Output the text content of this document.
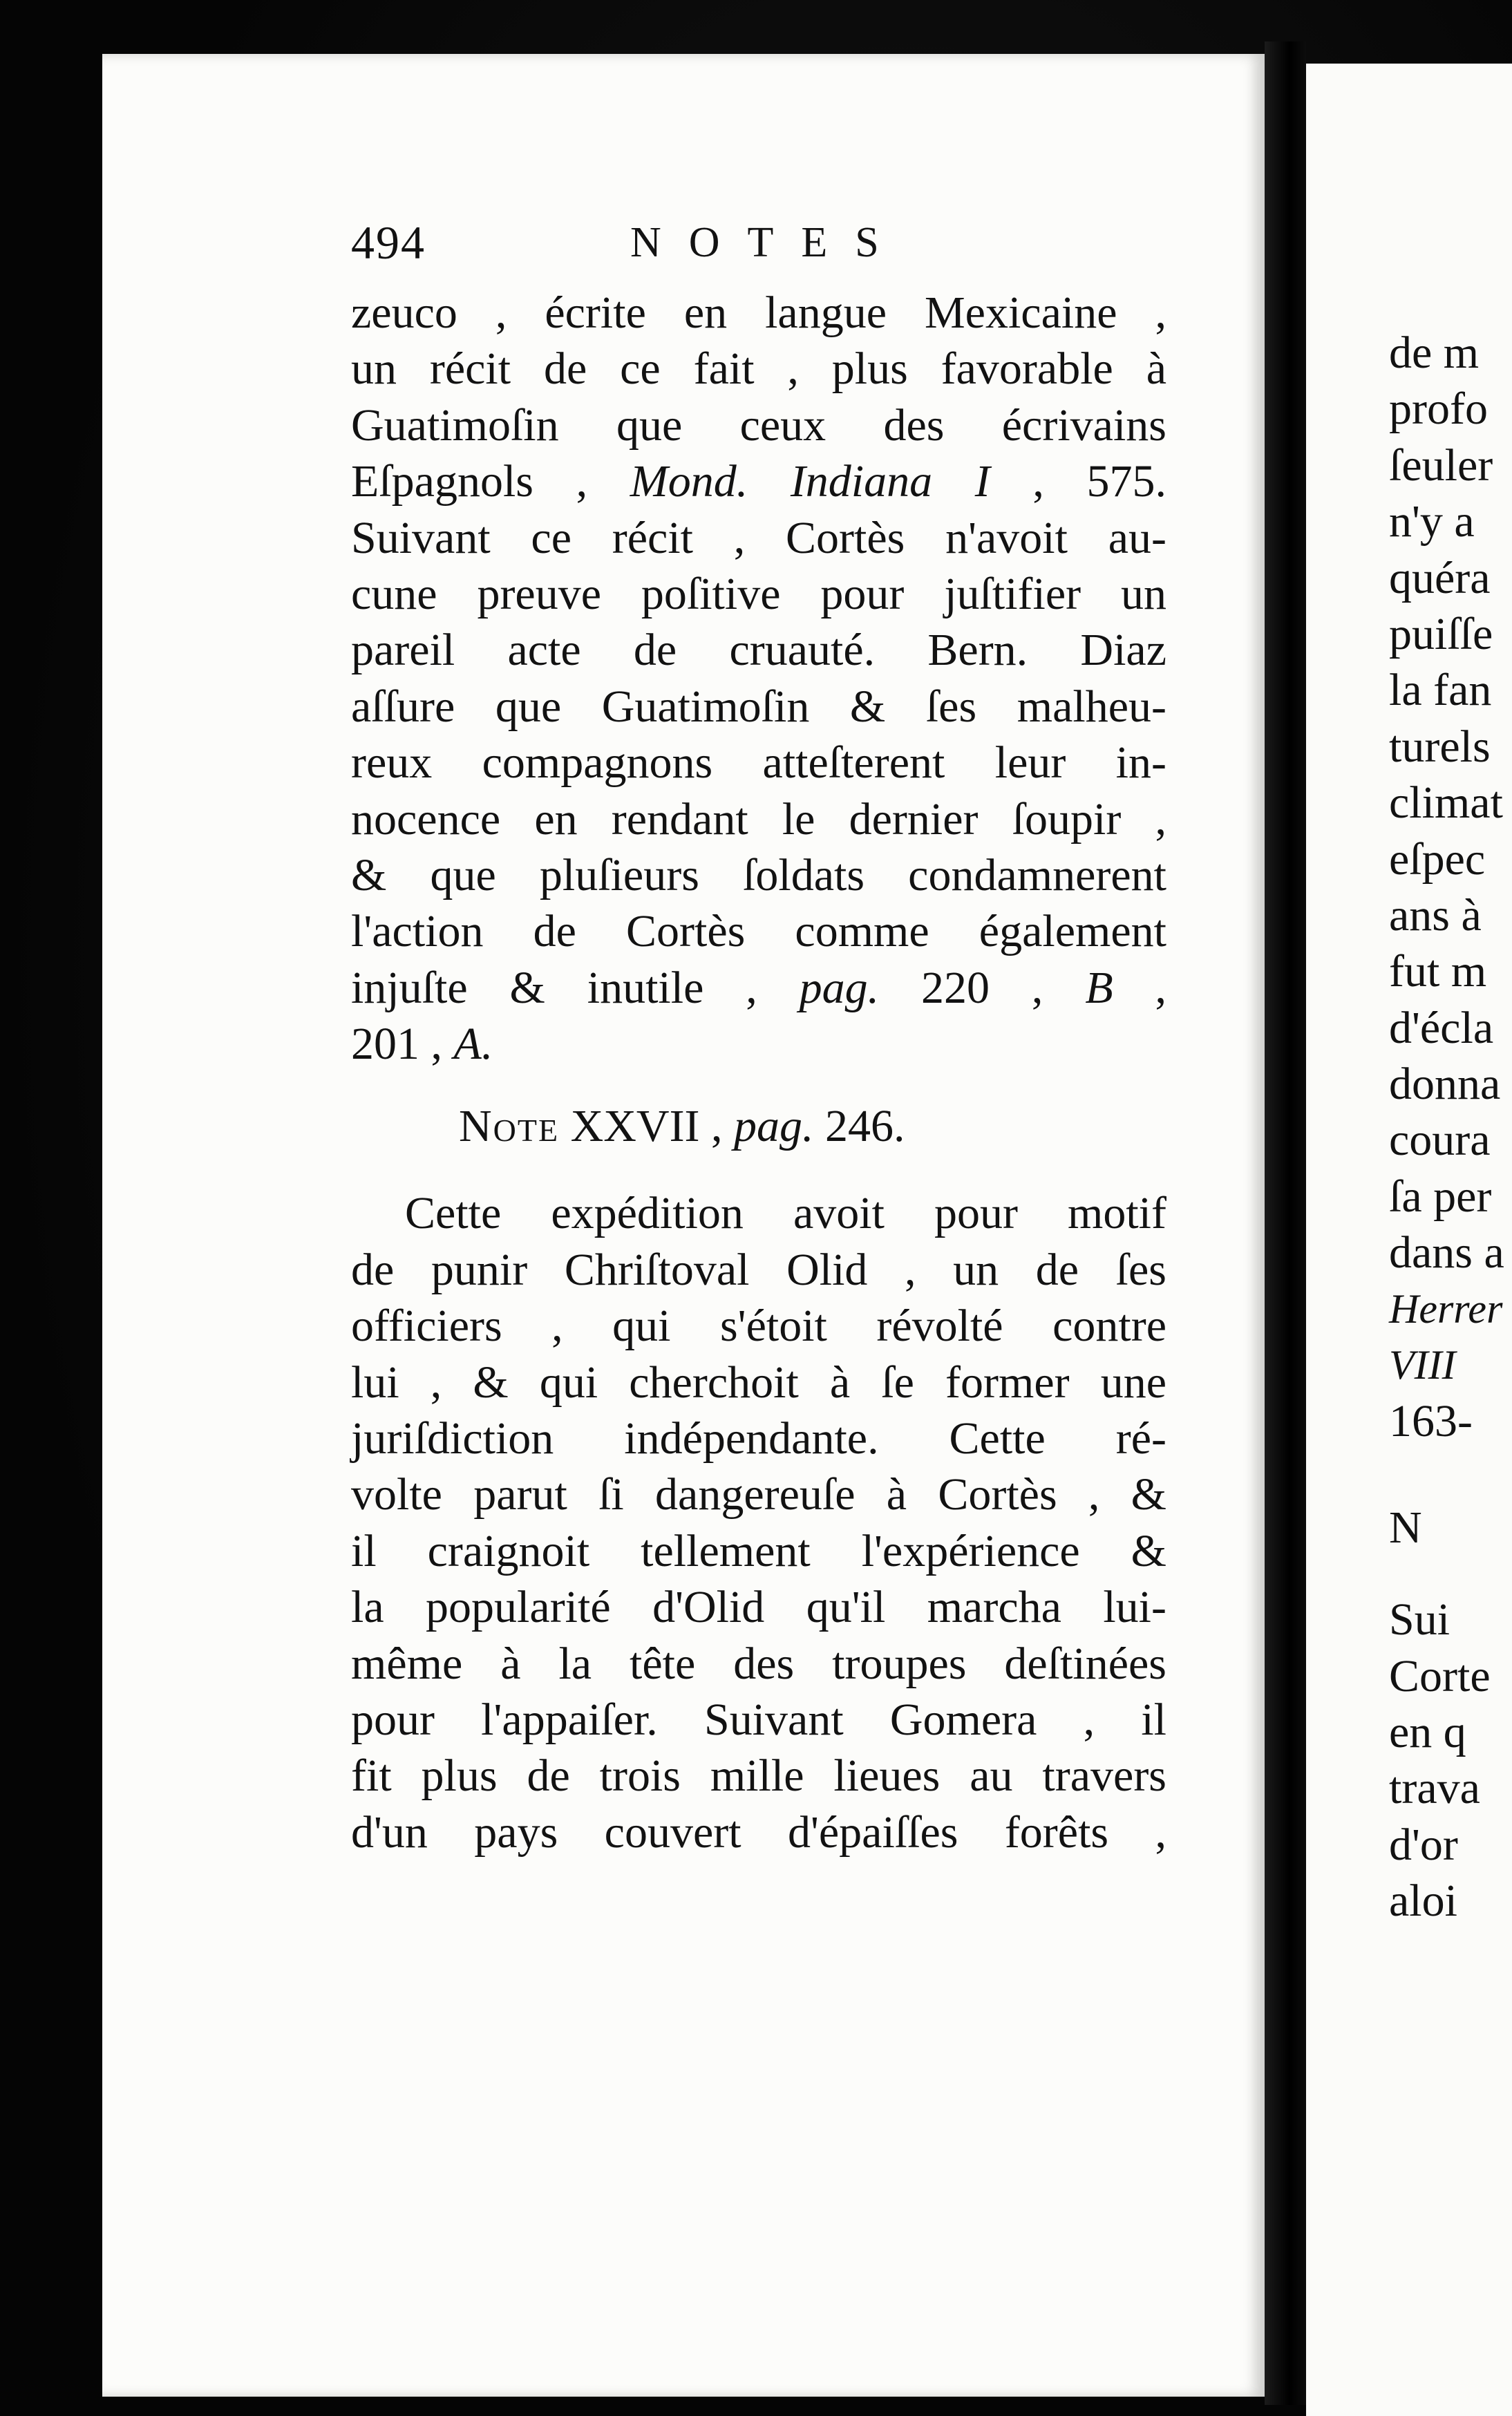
494	NOTES
zeuco , écrite en langue Mexicaine ,
un récit de ce fait , plus favorable à
Guatimoſin que ceux des écrivains
Eſpagnols , Mond. Indiana I , 575.
Suivant ce récit , Cortès n'avoit au-
cune preuve poſitive pour juſtifier un
pareil acte de cruauté. Bern. Diaz
aſſure que Guatimoſin & ſes malheu-
reux compagnons atteſterent leur in-
nocence en rendant le dernier ſoupir ,
& que pluſieurs ſoldats condamnerent
l'action de Cortès comme également
injuſte & inutile , pag. 220 , B ,
201 , A.
Note XXVII , pag. 246.
Cette expédition avoit pour motif
de punir Chriſtoval Olid , un de ſes
officiers , qui s'étoit révolté contre
lui , & qui cherchoit à ſe former une
juriſdiction indépendante. Cette ré-
volte parut ſi dangereuſe à Cortès , &
il craignoit tellement l'expérience &
la popularité d'Olid qu'il marcha lui-
même à la tête des troupes deſtinées
pour l'appaiſer. Suivant Gomera , il
fit plus de trois mille lieues au travers
d'un pays couvert d'épaiſſes forêts ,
de m
profo
ſeuler
n'y a
quéra
puiſſe
la fan
turels
climat
eſpec
ans à
fut m
d'écla
donna
coura
ſa per
dans a
Herrer
VIII
163-
N
Sui
Corte
en q
trava
d'or
aloi
